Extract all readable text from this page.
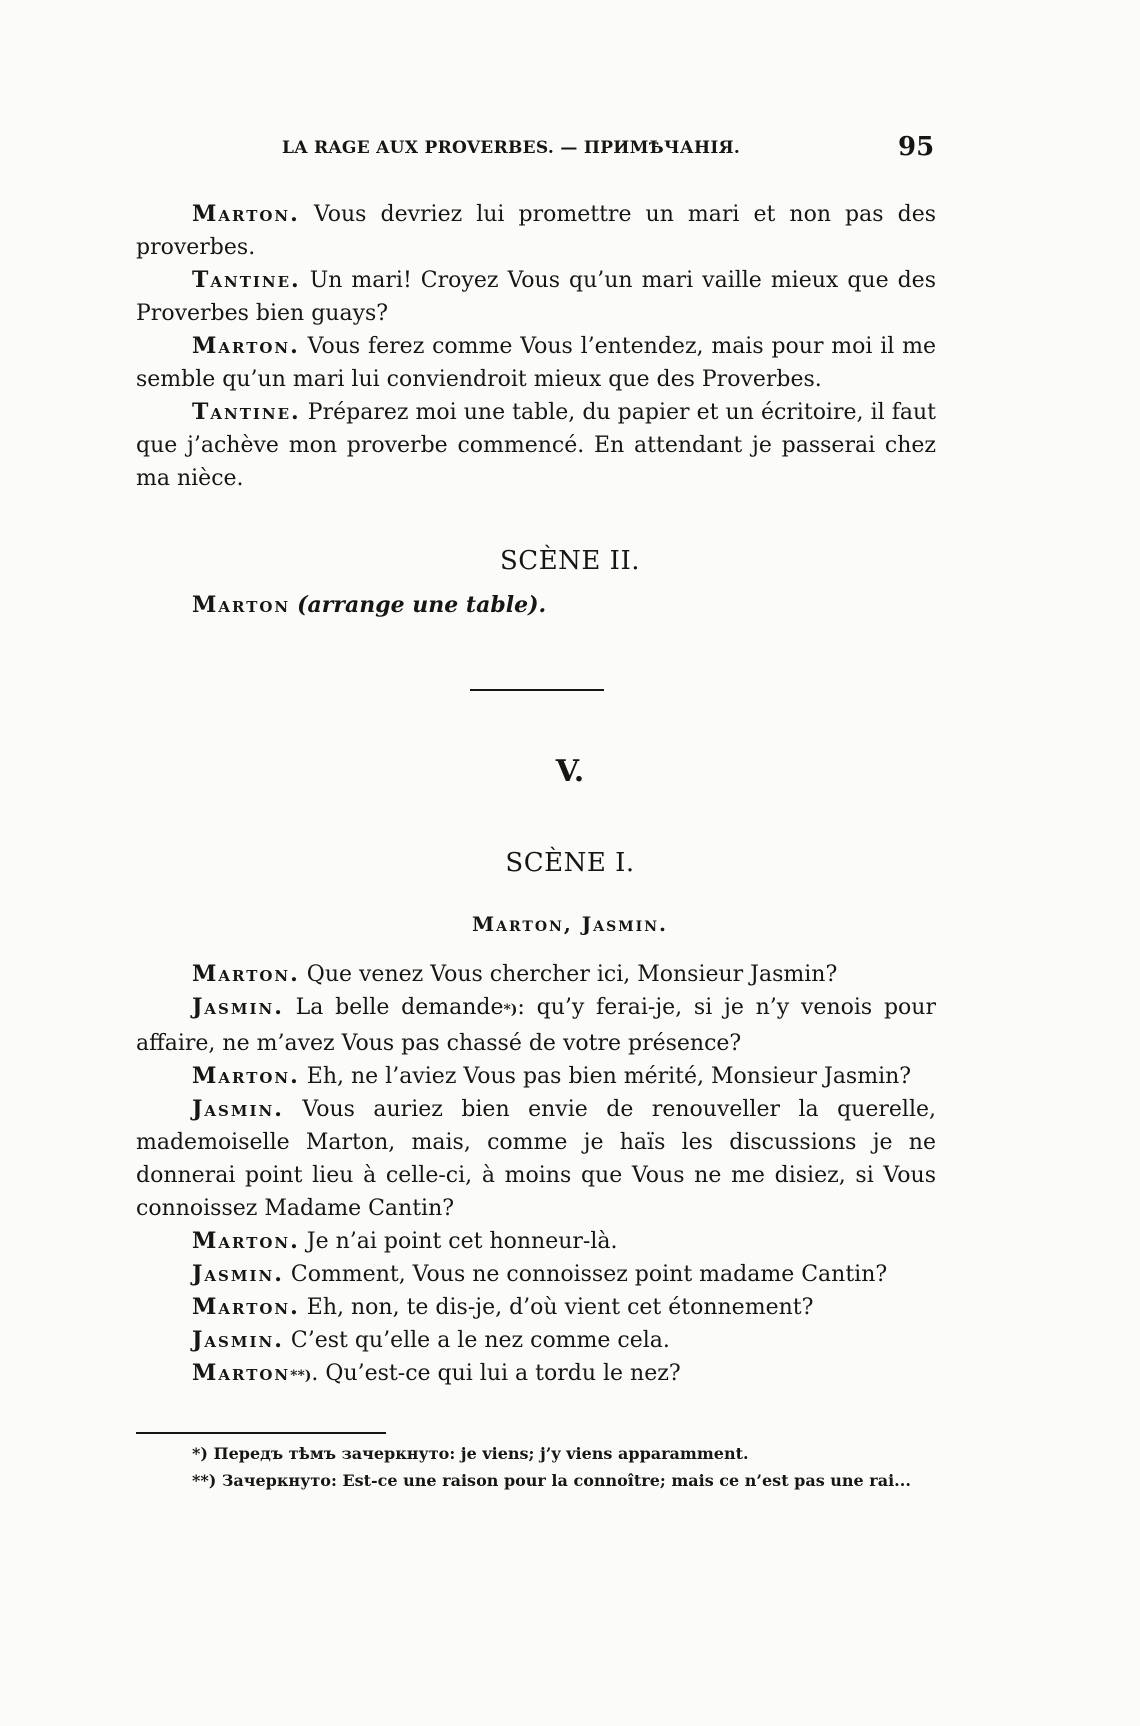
LA RAGE AUX PROVERBES. — ПРИМѢЧАНІЯ.	95

Marton. Vous devriez lui promettre un mari et non pas des proverbes.

Tantine. Un mari! Croyez Vous qu’un mari vaille mieux que des Proverbes bien guays?

Marton. Vous ferez comme Vous l’entendez, mais pour moi il me semble qu’un mari lui conviendroit mieux que des Proverbes.

Tantine. Préparez moi une table, du papier et un écritoire, il faut que j’achève mon proverbe commencé. En attendant je passerai chez ma nièce.

SCÈNE II.
Marton (arrange une table).
V.
SCÈNE I.
Marton, Jasmin.

Marton. Que venez Vous chercher ici, Monsieur Jasmin?

Jasmin. La belle demande*): qu’y ferai-je, si je n’y venois pour affaire, ne m’avez Vous pas chassé de votre présence?

Marton. Eh, ne l’aviez Vous pas bien mérité, Monsieur Jasmin?

Jasmin. Vous auriez bien envie de renouveller la querelle, mademoiselle Marton, mais, comme je haïs les discussions je ne donnerai point lieu à celle-ci, à moins que Vous ne me disiez, si Vous connoissez Madame Cantin?

Marton. Je n’ai point cet honneur-là.

Jasmin. Comment, Vous ne connoissez point madame Cantin?

Marton. Eh, non, te dis-je, d’où vient cet étonnement?

Jasmin. C’est qu’elle a le nez comme cela.

Marton**). Qu’est-ce qui lui a tordu le nez?

*) Передъ тѣмъ зачеркнуто: je viens; j’y viens apparamment.

**) Зачеркнуто: Est-ce une raison pour la connoître; mais ce n’est pas une rai...
